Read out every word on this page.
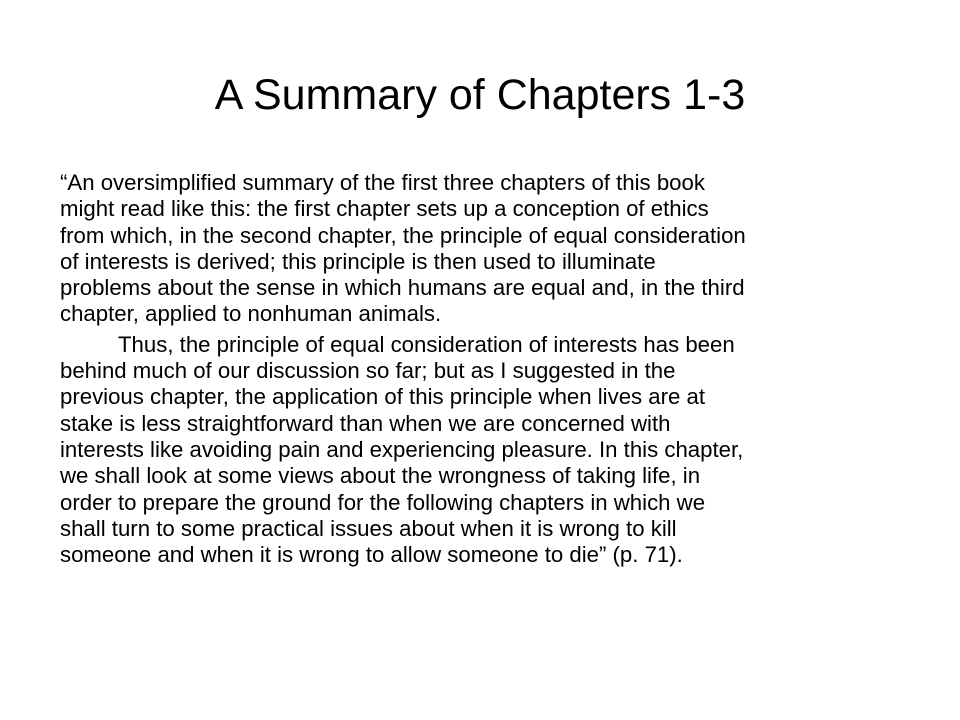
A Summary of Chapters 1-3

“An oversimplified summary of the first three chapters of this book
might read like this: the first chapter sets up a conception of ethics
from which, in the second chapter, the principle of equal consideration
of interests is derived; this principle is then used to illuminate
problems about the sense in which humans are equal and, in the third
chapter, applied to nonhuman animals.

Thus, the principle of equal consideration of interests has been
behind much of our discussion so far; but as I suggested in the
previous chapter, the application of this principle when lives are at
stake is less straightforward than when we are concerned with
interests like avoiding pain and experiencing pleasure. In this chapter,
we shall look at some views about the wrongness of taking life, in
order to prepare the ground for the following chapters in which we
shall turn to some practical issues about when it is wrong to kill
someone and when it is wrong to allow someone to die” (p. 71).
